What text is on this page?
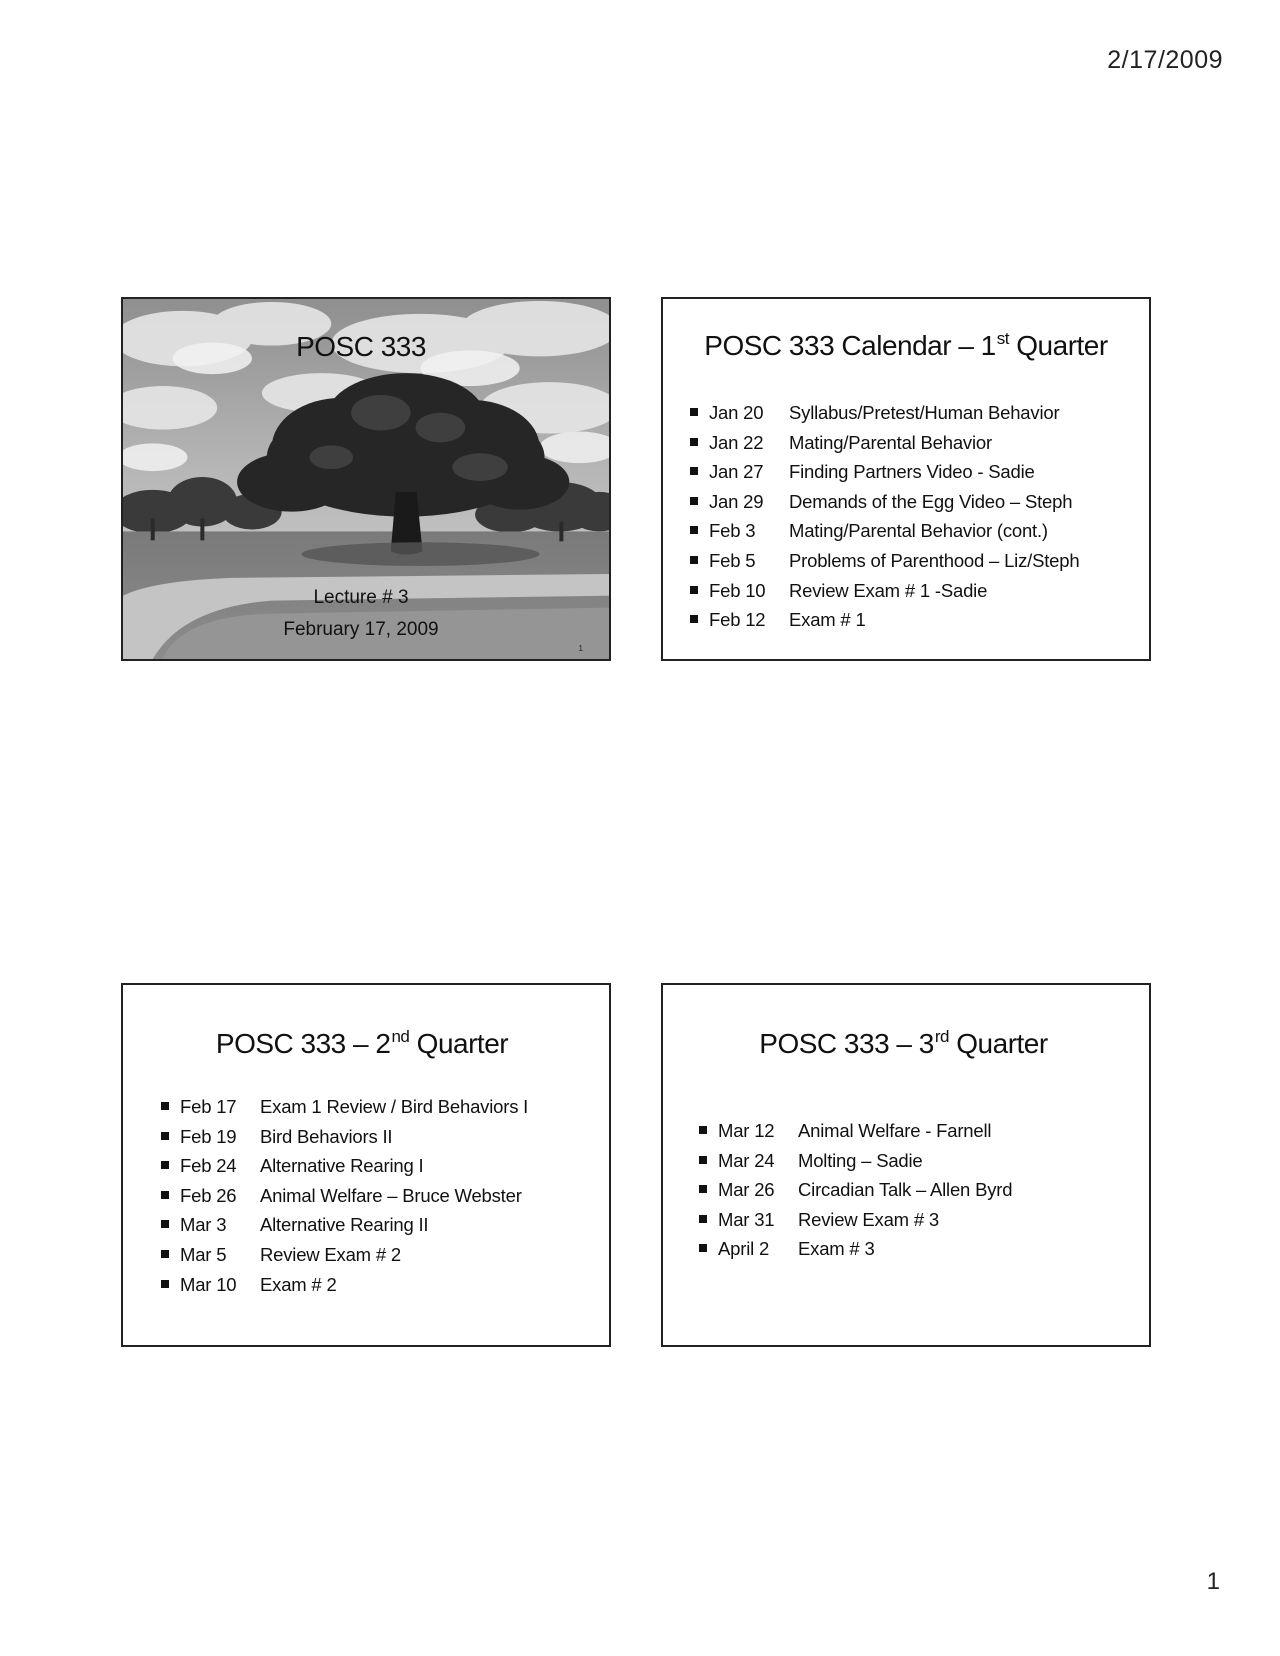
2/17/2009
POSC 333
Lecture # 3
February 17, 2009
1
POSC 333 Calendar – 1st Quarter
Jan 20 Syllabus/Pretest/Human Behavior
Jan 22 Mating/Parental Behavior
Jan 27 Finding Partners Video - Sadie
Jan 29 Demands of the Egg Video – Steph
Feb 3 Mating/Parental Behavior (cont.)
Feb 5 Problems of Parenthood – Liz/Steph
Feb 10 Review Exam # 1 -Sadie
Feb 12 Exam # 1
POSC 333 – 2nd Quarter
Feb 17 Exam 1 Review / Bird Behaviors I
Feb 19 Bird Behaviors II
Feb 24 Alternative Rearing I
Feb 26 Animal Welfare – Bruce Webster
Mar 3 Alternative Rearing II
Mar 5 Review Exam # 2
Mar 10 Exam # 2
POSC 333 – 3rd Quarter
Mar 12 Animal Welfare - Farnell
Mar 24 Molting – Sadie
Mar 26 Circadian Talk – Allen Byrd
Mar 31 Review Exam # 3
April 2 Exam # 3
1
